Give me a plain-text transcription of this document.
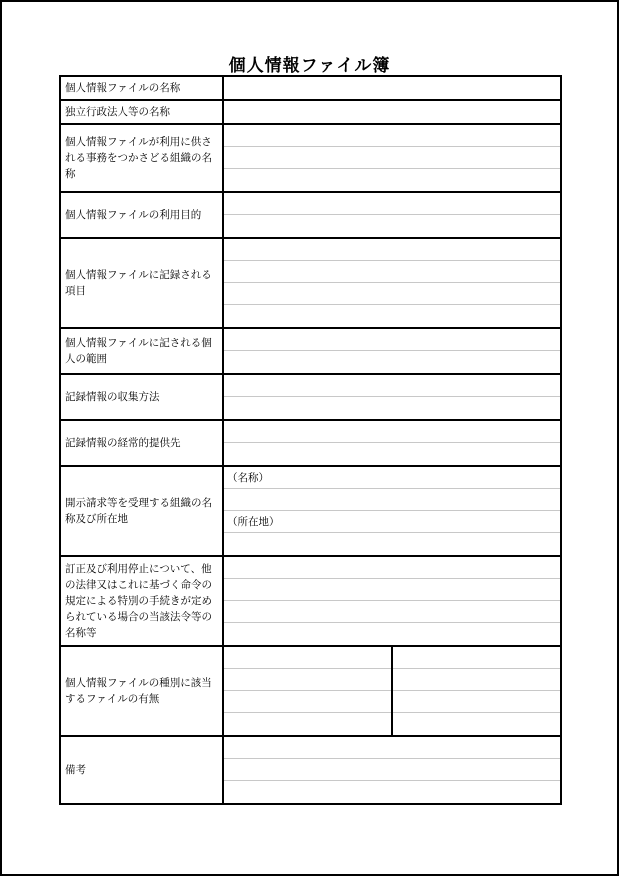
個人情報ファイル簿
個人情報ファイルの名称	

独立行政法人等の名称	

個人情報ファイルが利用に供される事務をつかさどる組織の名称	

個人情報ファイルの利用目的	

個人情報ファイルに記録される項目	

個人情報ファイルに記される個人の範囲	

記録情報の収集方法	

記録情報の経常的提供先	

開示請求等を受理する組織の名称及び所在地	（名称）
（所在地）

訂正及び利用停止について、他の法律又はこれに基づく命令の規定による特別の手続きが定められている場合の当該法令等の名称等	

個人情報ファイルの種別に該当するファイルの有無	

備考	
